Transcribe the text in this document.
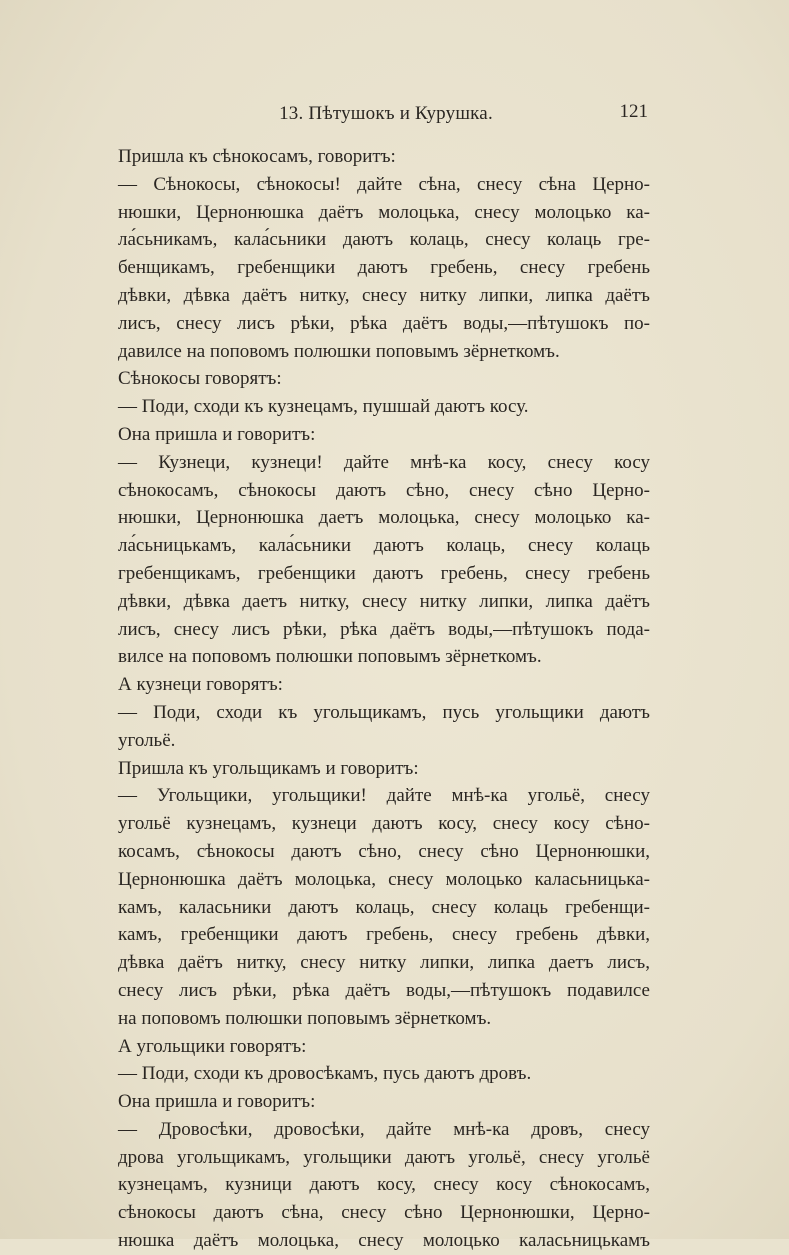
13. Пѣтушокъ и Курушка.	121
Пришла къ сѣнокосамъ, говоритъ:
— Сѣнокосы, сѣнокосы! дайте сѣна, снесу сѣна Церно-
нюшки, Цернонюшка даётъ молоцька, снесу молоцько ка-
ла́сьникамъ, кала́сьники даютъ колаць, снесу колаць гре-
бенщикамъ, гребенщики даютъ гребень, снесу гребень
дѣвки, дѣвка даётъ нитку, снесу нитку липки, липка даётъ
лисъ, снесу лисъ рѣки, рѣка даётъ воды,—пѣтушокъ по-
давилсе на поповомъ полюшки поповымъ зёрнеткомъ.
Сѣнокосы говорятъ:
— Поди, сходи къ кузнецамъ, пушшай даютъ косу.
Она пришла и говоритъ:
— Кузнеци, кузнеци! дайте мнѣ-ка косу, снесу косу
сѣнокосамъ, сѣнокосы даютъ сѣно, снесу сѣно Церно-
нюшки, Цернонюшка даетъ молоцька, снесу молоцько ка-
ла́сьницькамъ, кала́сьники даютъ колаць, снесу колаць
гребенщикамъ, гребенщики даютъ гребень, снесу гребень
дѣвки, дѣвка даетъ нитку, снесу нитку липки, липка даётъ
лисъ, снесу лисъ рѣки, рѣка даётъ воды,—пѣтушокъ пода-
вилсе на поповомъ полюшки поповымъ зёрнеткомъ.
А кузнеци говорятъ:
— Поди, сходи къ угольщикамъ, пусь угольщики даютъ
угольё.
Пришла къ угольщикамъ и говоритъ:
— Угольщики, угольщики! дайте мнѣ-ка угольё, снесу
угольё кузнецамъ, кузнеци даютъ косу, снесу косу сѣно-
косамъ, сѣнокосы даютъ сѣно, снесу сѣно Цернонюшки,
Цернонюшка даётъ молоцька, снесу молоцько каласьницька-
камъ, каласьники даютъ колаць, снесу колаць гребенщи-
камъ, гребенщики даютъ гребень, снесу гребень дѣвки,
дѣвка даётъ нитку, снесу нитку липки, липка даетъ лисъ,
снесу лисъ рѣки, рѣка даётъ воды,—пѣтушокъ подавилсе
на поповомъ полюшки поповымъ зёрнеткомъ.
А угольщики говорятъ:
— Поди, сходи къ дровосѣкамъ, пусь даютъ дровъ.
Она пришла и говоритъ:
— Дровосѣки, дровосѣки, дайте мнѣ-ка дровъ, снесу
дрова угольщикамъ, угольщики даютъ угольё, снесу угольё
кузнецамъ, кузници даютъ косу, снесу косу сѣнокосамъ,
сѣнокосы даютъ сѣна, снесу сѣно Цернонюшки, Церно-
нюшка даётъ молоцька, снесу молоцько каласьницькамъ
